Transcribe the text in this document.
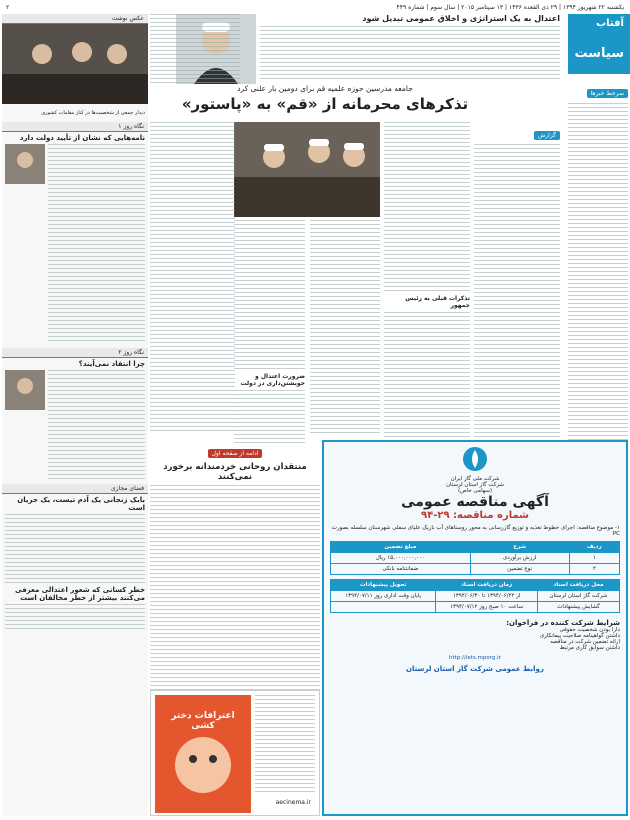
یکشنبه ۲۲ شهریور ۱۳۹۴ | ۲۹ ذی القعده ۱۴۳۶ | ۱۳ سپتامبر ۲۰۱۵ | سال سوم | شماره ۴۴۹
۲
آفتاب
سیاست
سرخط خبرها
اعتدال به یک استراتژی و اخلاق عمومی تبدیل شود
جامعه مدرسین حوزه علمیه قم برای دومین بار علنی کرد
تذکرهای محرمانه از «قم» به «پاستور»
گزارش
تذکرات قبلی به رئیس جمهور
ضرورت اعتدال و خویشتن‌داری در دولت
ادامه از صفحه اول
منتقدان روحانی خردمندانه برخورد نمی‌کنند	شرکت ملی گاز ایران
شرکت گاز استان لرستان
(سهامی خاص)
آگهی مناقصه عمومی
شماره مناقصه: ۲۹-۹۴
۱- موضوع مناقصه: اجرای خطوط تغذیه و توزیع گازرسانی به محور روستاهای آب باریک علیای سفلی شهرستان سلسله بصورت PC
ردیف	شرح	مبلغ تضمین
۱	ارزش برآوردی	۱۵,۰۰۰,۰۰۰,۰۰۰ ریال
۲	نوع تضمین	ضمانتنامه بانکی
محل دریافت اسناد	زمان دریافت اسناد	تحویل پیشنهادات
شرکت گاز استان لرستان	از ۱۳۹۴/۰۶/۲۲ تا ۱۳۹۴/۰۶/۳۰	پایان وقت اداری روز ۱۳۹۴/۰۷/۱۱
گشایش پیشنهادات	ساعت ۱۰ صبح روز ۱۳۹۴/۰۷/۱۲	
شرایط شرکت کننده در فراخوان:
دارا بودن شخصیت حقوقی
داشتن گواهینامه صلاحیت پیمانکاری
ارائه تضمین شرکت در مناقصه
داشتن سوابق کاری مرتبط
http://iets.mporg.ir
روابط عمومی شرکت گاز استان لرستان
عکس نوشت
دیدار جمعی از شخصیت‌ها در کنار مقامات کشوری
نگاه روز ۱
نامه‌هایی که نشان از تأیید دولت دارد
نگاه روز ۲
چرا انتقاد نمی‌آیند؟
فضای مجازی
بابک زنجانی یک آدم تیست، یک جریان است
خطر کسانی که شعور اعتدالی معرفی می‌کنند بیشتر از خطر مخالفان است
اعترافات دختر کشی
aecinema.ir
